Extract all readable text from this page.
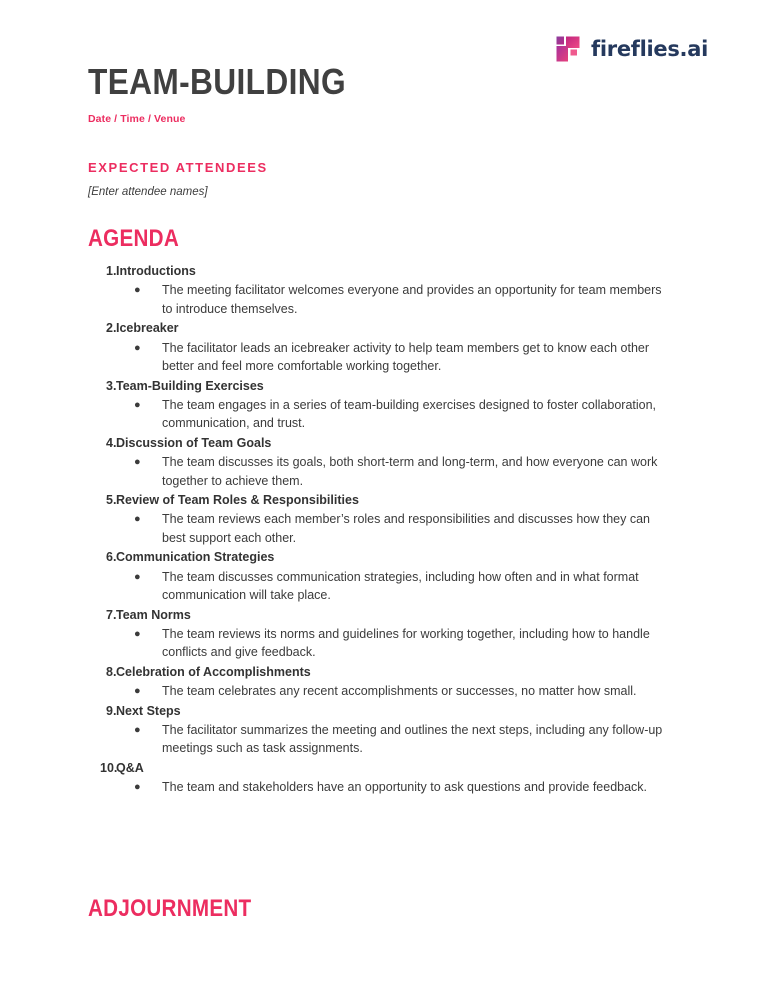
fireflies.ai
TEAM-BUILDING
Date / Time / Venue
EXPECTED ATTENDEES
[Enter attendee names]
AGENDA
1. Introductions
●	The meeting facilitator welcomes everyone and provides an opportunity for team members to introduce themselves.
2. Icebreaker
●	The facilitator leads an icebreaker activity to help team members get to know each other better and feel more comfortable working together.
3. Team-Building Exercises
●	The team engages in a series of team-building exercises designed to foster collaboration, communication, and trust.
4. Discussion of Team Goals
●	The team discusses its goals, both short-term and long-term, and how everyone can work together to achieve them.
5. Review of Team Roles & Responsibilities
●	The team reviews each member’s roles and responsibilities and discusses how they can best support each other.
6. Communication Strategies
●	The team discusses communication strategies, including how often and in what format communication will take place.
7. Team Norms
●	The team reviews its norms and guidelines for working together, including how to handle conflicts and give feedback.
8. Celebration of Accomplishments
●	The team celebrates any recent accomplishments or successes, no matter how small.
9. Next Steps
●	The facilitator summarizes the meeting and outlines the next steps, including any follow-up meetings such as task assignments.
10.
Q&A
●	The team and stakeholders have an opportunity to ask questions and provide feedback.
ADJOURNMENT
